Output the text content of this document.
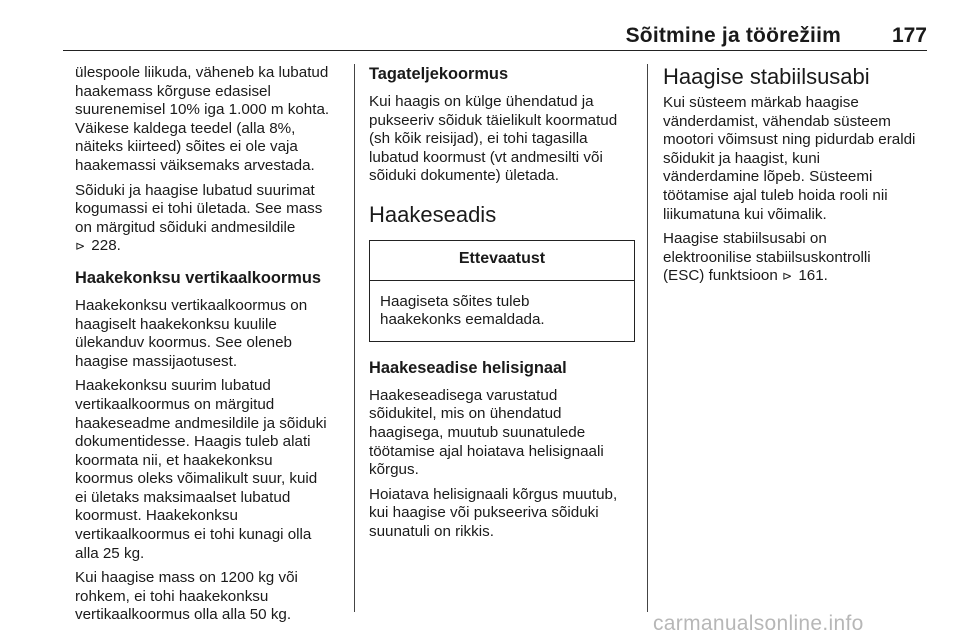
Sõitmine ja töörežiim 177

ülespoole liikuda, väheneb ka lubatud
haakemass kõrguse edasisel
suurenemisel 10% iga 1.000 m kohta.
Väikese kaldega teedel (alla 8%,
näiteks kiirteed) sõites ei ole vaja
haakemassi väiksemaks arvestada.

Sõiduki ja haagise lubatud suurimat
kogumassi ei tohi ületada. See mass
on märgitud sõiduki andmesildile
⊳ 228.

Haakekonksu vertikaalkoormus

Haakekonksu vertikaalkoormus on
haagiselt haakekonksu kuulile
ülekanduv koormus. See oleneb
haagise massijaotusest.

Haakekonksu suurim lubatud
vertikaalkoormus on märgitud
haakeseadme andmesildile ja sõiduki
dokumentidesse. Haagis tuleb alati
koormata nii, et haakekonksu
koormus oleks võimalikult suur, kuid
ei ületaks maksimaalset lubatud
koormust. Haakekonksu
vertikaalkoormus ei tohi kunagi olla
alla 25 kg.

Kui haagise mass on 1200 kg või
rohkem, ei tohi haakekonksu
vertikaalkoormus olla alla 50 kg.

Tagateljekoormus

Kui haagis on külge ühendatud ja
pukseeriv sõiduk täielikult koormatud
(sh kõik reisijad), ei tohi tagasilla
lubatud koormust (vt andmesilti või
sõiduki dokumente) ületada.

Haakeseadis
Ettevaatust
Haagiseta sõites tuleb
haakekonks eemaldada.
Haakeseadise helisignaal

Haakeseadisega varustatud
sõidukitel, mis on ühendatud
haagisega, muutub suunatulede
töötamise ajal hoiatava helisignaali
kõrgus.

Hoiatava helisignaali kõrgus muutub,
kui haagise või pukseeriva sõiduki
suunatuli on rikkis.

Haagise stabiilsusabi

Kui süsteem märkab haagise
vänderdamist, vähendab süsteem
mootori võimsust ning pidurdab eraldi
sõidukit ja haagist, kuni
vänderdamine lõpeb. Süsteemi
töötamise ajal tuleb hoida rooli nii
liikumatuna kui võimalik.

Haagise stabiilsusabi on
elektroonilise stabiilsuskontrolli
(ESC) funktsioon ⊳ 161.

carmanualsonline.info
